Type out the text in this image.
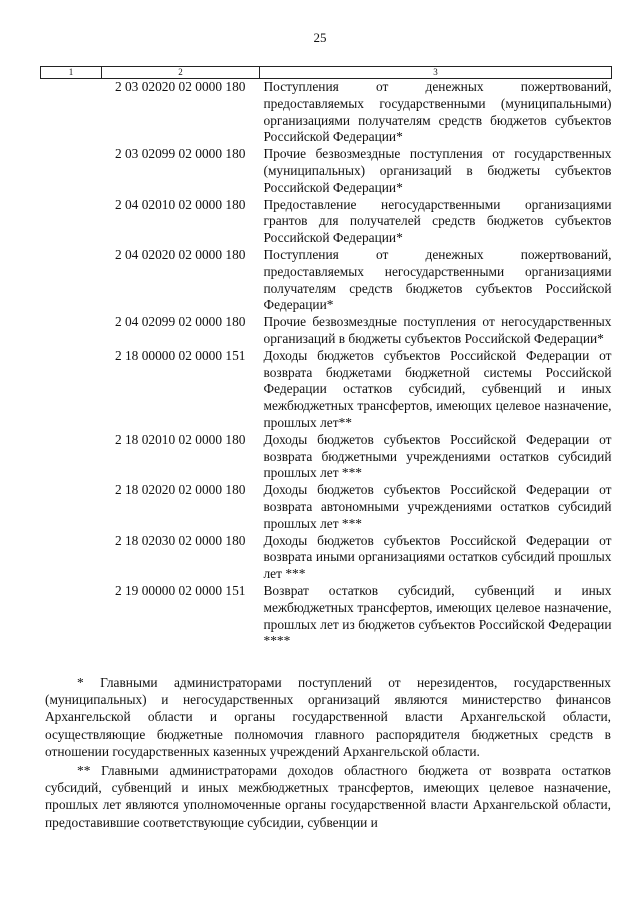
25
1	2	3
	2 03 02020 02 0000 180	Поступления от денежных пожертвований, предоставляемых государственными (муниципальными) организациями получателям средств бюджетов субъектов Российской Федерации*
	2 03 02099 02 0000 180	Прочие безвозмездные поступления от государственных (муниципальных) организаций в бюджеты субъектов Российской Федерации*
	2 04 02010 02 0000 180	Предоставление негосударственными организациями грантов для получателей средств бюджетов субъектов Российской Федерации*
	2 04 02020 02 0000 180	Поступления от денежных пожертвований, предоставляемых негосударственными организациями получателям средств бюджетов субъектов Российской Федерации*
	2 04 02099 02 0000 180	Прочие безвозмездные поступления от негосударственных организаций в бюджеты субъектов Российской Федерации*
	2 18 00000 02 0000 151	Доходы бюджетов субъектов Российской Федерации от возврата бюджетами бюджетной системы Российской Федерации остатков субсидий, субвенций и иных межбюджетных трансфертов, имеющих целевое назначение, прошлых лет**
	2 18 02010 02 0000 180	Доходы бюджетов субъектов Российской Федерации от возврата бюджетными учреждениями остатков субсидий прошлых лет ***
	2 18 02020 02 0000 180	Доходы бюджетов субъектов Российской Федерации от возврата автономными учреждениями остатков субсидий прошлых лет ***
	2 18 02030 02 0000 180	Доходы бюджетов субъектов Российской Федерации от возврата иными организациями остатков субсидий прошлых лет ***
	2 19 00000 02 0000 151	Возврат остатков субсидий, субвенций и иных межбюджетных трансфертов, имеющих целевое назначение, прошлых лет из бюджетов субъектов Российской Федерации ****

* Главными администраторами поступлений от нерезидентов, государственных (муниципальных) и негосударственных организаций являются министерство финансов Архангельской области и органы государственной власти Архангельской области, осуществляющие бюджетные полномочия главного распорядителя бюджетных средств в отношении государственных казенных учреждений Архангельской области.

** Главными администраторами доходов областного бюджета от возврата остатков субсидий, субвенций и иных межбюджетных трансфертов, имеющих целевое назначение, прошлых лет являются уполномоченные органы государственной власти Архангельской области, предоставившие соответствующие субсидии, субвенции и
